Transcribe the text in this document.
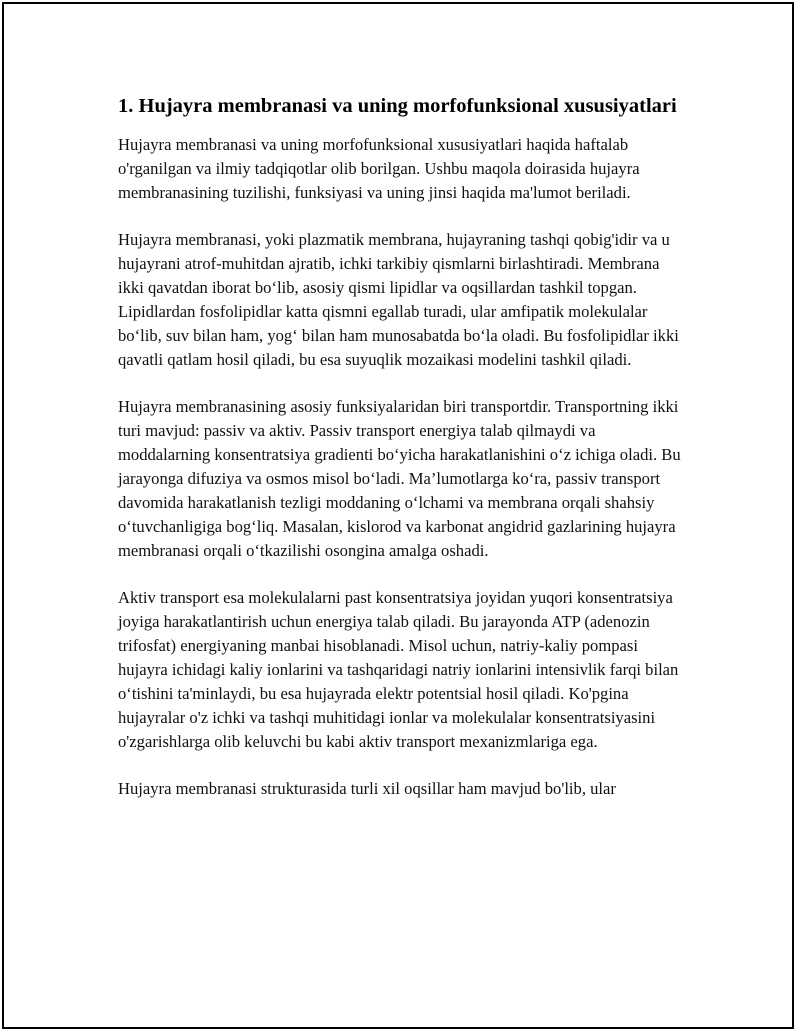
1. Hujayra membranasi va uning morfofunksional xususiyatlari

Hujayra membranasi va uning morfofunksional xususiyatlari haqida haftalab o'rganilgan va ilmiy tadqiqotlar olib borilgan. Ushbu maqola doirasida hujayra membranasining tuzilishi, funksiyasi va uning jinsi haqida ma'lumot beriladi.

Hujayra membranasi, yoki plazmatik membrana, hujayraning tashqi qobig'idir va u hujayrani atrof-muhitdan ajratib, ichki tarkibiy qismlarni birlashtiradi. Membrana ikki qavatdan iborat bo‘lib, asosiy qismi lipidlar va oqsillardan tashkil topgan. Lipidlardan fosfolipidlar katta qismni egallab turadi, ular amfipatik molekulalar bo‘lib, suv bilan ham, yog‘ bilan ham munosabatda bo‘la oladi. Bu fosfolipidlar ikki qavatli qatlam hosil qiladi, bu esa suyuqlik mozaikasi modelini tashkil qiladi.

Hujayra membranasining asosiy funksiyalaridan biri transportdir. Transportning ikki turi mavjud: passiv va aktiv. Passiv transport energiya talab qilmaydi va moddalarning konsentratsiya gradienti bo‘yicha harakatlanishini o‘z ichiga oladi. Bu jarayonga difuziya va osmos misol bo‘ladi. Ma’lumotlarga ko‘ra, passiv transport davomida harakatlanish tezligi moddaning o‘lchami va membrana orqali shahsiy o‘tuvchanligiga bog‘liq. Masalan, kislorod va karbonat angidrid gazlarining hujayra membranasi orqali o‘tkazilishi osongina amalga oshadi.

Aktiv transport esa molekulalarni past konsentratsiya joyidan yuqori konsentratsiya joyiga harakatlantirish uchun energiya talab qiladi. Bu jarayonda ATP (adenozin trifosfat) energiyaning manbai hisoblanadi. Misol uchun, natriy-kaliy pompasi hujayra ichidagi kaliy ionlarini va tashqaridagi natriy ionlarini intensivlik farqi bilan o‘tishini ta'minlaydi, bu esa hujayrada elektr potentsial hosil qiladi. Ko'pgina hujayralar o'z ichki va tashqi muhitidagi ionlar va molekulalar konsentratsiyasini o'zgarishlarga olib keluvchi bu kabi aktiv transport mexanizmlariga ega.

Hujayra membranasi strukturasida turli xil oqsillar ham mavjud bo'lib, ular
